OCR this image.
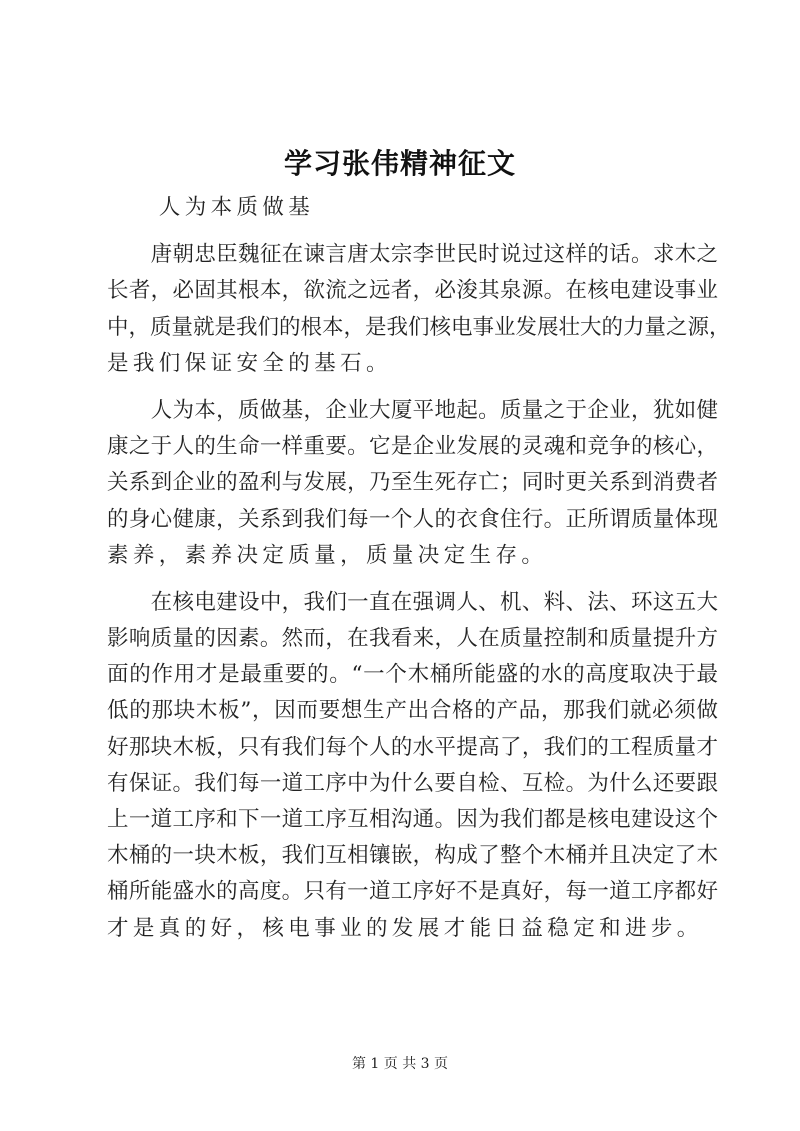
学习张伟精神征文
　　人为本质做基
　　唐朝忠臣魏征在谏言唐太宗李世民时说过这样的话。求木之
长者，必固其根本，欲流之远者，必浚其泉源。在核电建设事业
中，质量就是我们的根本，是我们核电事业发展壮大的力量之源，
是我们保证安全的基石。
　　人为本，质做基，企业大厦平地起。质量之于企业，犹如健
康之于人的生命一样重要。它是企业发展的灵魂和竞争的核心，
关系到企业的盈利与发展，乃至生死存亡；同时更关系到消费者
的身心健康，关系到我们每一个人的衣食住行。正所谓质量体现
素养，素养决定质量，质量决定生存。
　　在核电建设中，我们一直在强调人、机、料、法、环这五大
影响质量的因素。然而，在我看来，人在质量控制和质量提升方
面的作用才是最重要的。“一个木桶所能盛的水的高度取决于最
低的那块木板”，因而要想生产出合格的产品，那我们就必须做
好那块木板，只有我们每个人的水平提高了，我们的工程质量才
有保证。我们每一道工序中为什么要自检、互检。为什么还要跟
上一道工序和下一道工序互相沟通。因为我们都是核电建设这个
木桶的一块木板，我们互相镶嵌，构成了整个木桶并且决定了木
桶所能盛水的高度。只有一道工序好不是真好，每一道工序都好
才是真的好，核电事业的发展才能日益稳定和进步。
第 1 页 共 3 页
